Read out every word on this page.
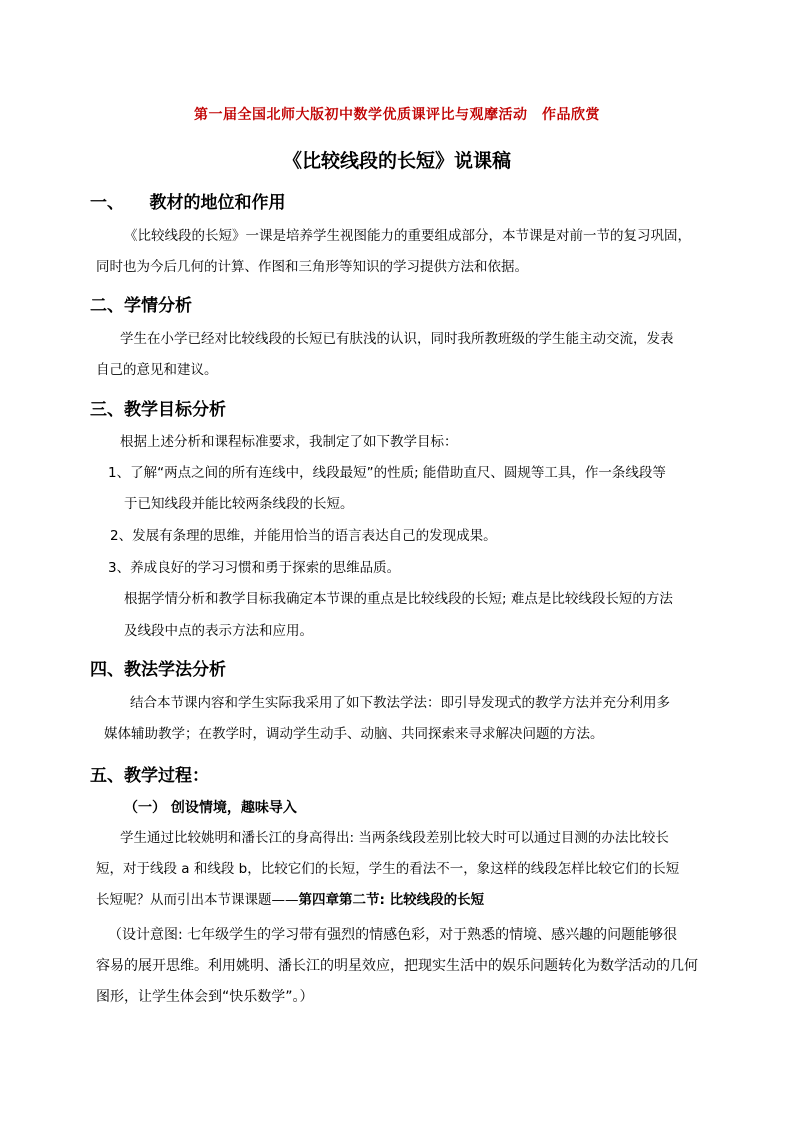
第一届全国北师大版初中数学优质课评比与观摩活动　作品欣赏
《比较线段的长短》说课稿
一、　　教材的地位和作用
《比较线段的长短》一课是培养学生视图能力的重要组成部分，本节课是对前一节的复习巩固，
同时也为今后几何的计算、作图和三角形等知识的学习提供方法和依据。
二、学情分析
学生在小学已经对比较线段的长短已有肤浅的认识，同时我所教班级的学生能主动交流，发表
自己的意见和建议。
三、教学目标分析
根据上述分析和课程标准要求，我制定了如下教学目标：
1、了解“两点之间的所有连线中，线段最短”的性质; 能借助直尺、圆规等工具，作一条线段等
于已知线段并能比较两条线段的长短。
2、发展有条理的思维，并能用恰当的语言表达自己的发现成果。
3、养成良好的学习习惯和勇于探索的思维品质。
根据学情分析和教学目标我确定本节课的重点是比较线段的长短; 难点是比较线段长短的方法
及线段中点的表示方法和应用。
四、教法学法分析
结合本节课内容和学生实际我采用了如下教法学法：即引导发现式的教学方法并充分利用多
媒体辅助教学；在教学时，调动学生动手、动脑、共同探索来寻求解决问题的方法。
五、教学过程：
（一） 创设情境，趣味导入
学生通过比较姚明和潘长江的身高得出: 当两条线段差别比较大时可以通过目测的办法比较长
短，对于线段 a 和线段 b，比较它们的长短，学生的看法不一，象这样的线段怎样比较它们的长短
长短呢？从而引出本节课课题——第四章第二节: 比较线段的长短
（设计意图: 七年级学生的学习带有强烈的情感色彩，对于熟悉的情境、感兴趣的问题能够很
容易的展开思维。利用姚明、潘长江的明星效应，把现实生活中的娱乐问题转化为数学活动的几何
图形，让学生体会到“快乐数学”。）
